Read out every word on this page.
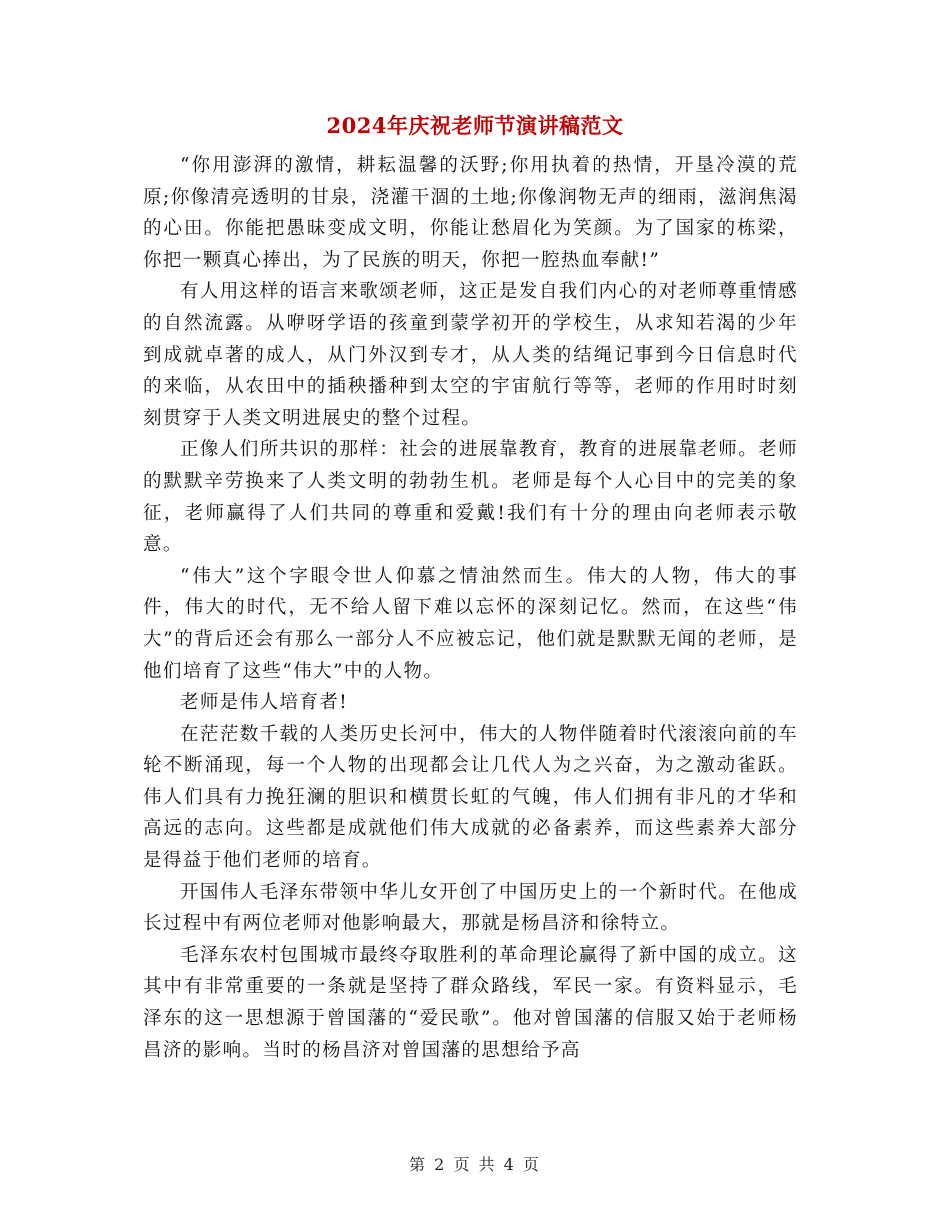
2024年庆祝老师节演讲稿范文

“你用澎湃的激情，耕耘温馨的沃野;你用执着的热情，开垦冷漠的荒原;你像清亮透明的甘泉，浇灌干涸的土地;你像润物无声的细雨，滋润焦渴的心田。你能把愚昧变成文明，你能让愁眉化为笑颜。为了国家的栋梁，你把一颗真心捧出，为了民族的明天，你把一腔热血奉献!”

有人用这样的语言来歌颂老师，这正是发自我们内心的对老师尊重情感的自然流露。从咿呀学语的孩童到蒙学初开的学校生，从求知若渴的少年到成就卓著的成人，从门外汉到专才，从人类的结绳记事到今日信息时代的来临，从农田中的插秧播种到太空的宇宙航行等等，老师的作用时时刻刻贯穿于人类文明进展史的整个过程。

正像人们所共识的那样：社会的进展靠教育，教育的进展靠老师。老师的默默辛劳换来了人类文明的勃勃生机。老师是每个人心目中的完美的象征，老师赢得了人们共同的尊重和爱戴!我们有十分的理由向老师表示敬意。

“伟大”这个字眼令世人仰慕之情油然而生。伟大的人物，伟大的事件，伟大的时代，无不给人留下难以忘怀的深刻记忆。然而，在这些“伟大”的背后还会有那么一部分人不应被忘记，他们就是默默无闻的老师，是他们培育了这些“伟大”中的人物。

老师是伟人培育者!

在茫茫数千载的人类历史长河中，伟大的人物伴随着时代滚滚向前的车轮不断涌现，每一个人物的出现都会让几代人为之兴奋，为之激动雀跃。伟人们具有力挽狂澜的胆识和横贯长虹的气魄，伟人们拥有非凡的才华和高远的志向。这些都是成就他们伟大成就的必备素养，而这些素养大部分是得益于他们老师的培育。

开国伟人毛泽东带领中华儿女开创了中国历史上的一个新时代。在他成长过程中有两位老师对他影响最大，那就是杨昌济和徐特立。

毛泽东农村包围城市最终夺取胜利的革命理论赢得了新中国的成立。这其中有非常重要的一条就是坚持了群众路线，军民一家。有资料显示，毛泽东的这一思想源于曾国藩的“爱民歌”。他对曾国藩的信服又始于老师杨昌济的影响。当时的杨昌济对曾国藩的思想给予高

第 2 页 共 4 页
